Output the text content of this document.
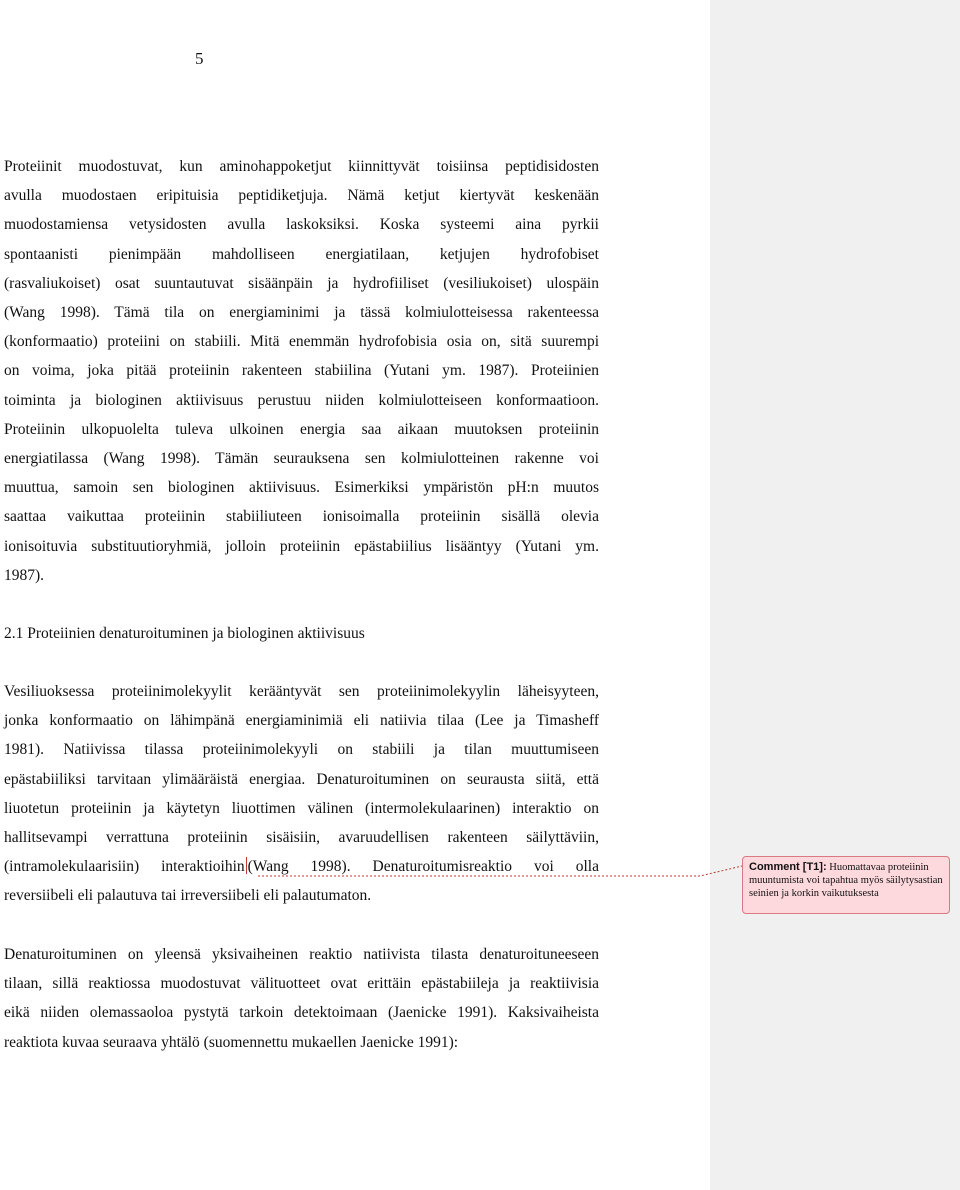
5
Proteiinit muodostuvat, kun aminohappoketjut kiinnittyvät toisiinsa peptidisidosten
avulla muodostaen eripituisia peptidiketjuja. Nämä ketjut kiertyvät keskenään
muodostamiensa vetysidosten avulla laskoksiksi. Koska systeemi aina pyrkii
spontaanisti pienimpään mahdolliseen energiatilaan, ketjujen hydrofobiset
(rasvaliukoiset) osat suuntautuvat sisäänpäin ja hydrofiiliset (vesiliukoiset) ulospäin
(Wang 1998). Tämä tila on energiaminimi ja tässä kolmiulotteisessa rakenteessa
(konformaatio) proteiini on stabiili. Mitä enemmän hydrofobisia osia on, sitä suurempi
on voima, joka pitää proteiinin rakenteen stabiilina (Yutani ym. 1987). Proteiinien
toiminta ja biologinen aktiivisuus perustuu niiden kolmiulotteiseen konformaatioon.
Proteiinin ulkopuolelta tuleva ulkoinen energia saa aikaan muutoksen proteiinin
energiatilassa (Wang 1998). Tämän seurauksena sen kolmiulotteinen rakenne voi
muuttua, samoin sen biologinen aktiivisuus. Esimerkiksi ympäristön pH:n muutos
saattaa vaikuttaa proteiinin stabiiliuteen ionisoimalla proteiinin sisällä olevia
ionisoituvia substituutioryhmiä, jolloin proteiinin epästabiilius lisääntyy (Yutani ym.
1987).
2.1 Proteiinien denaturoituminen ja biologinen aktiivisuus
Vesiliuoksessa proteiinimolekyylit kerääntyvät sen proteiinimolekyylin läheisyyteen,
jonka konformaatio on lähimpänä energiaminimiä eli natiivia tilaa (Lee ja Timasheff
1981). Natiivissa tilassa proteiinimolekyyli on stabiili ja tilan muuttumiseen
epästabiiliksi tarvitaan ylimääräistä energiaa. Denaturoituminen on seurausta siitä, että
liuotetun proteiinin ja käytetyn liuottimen välinen (intermolekulaarinen) interaktio on
hallitsevampi verrattuna proteiinin sisäisiin, avaruudellisen rakenteen säilyttäviin,
(intramolekulaarisiin) interaktioihin (Wang 1998). Denaturoitumisreaktio voi olla
reversiibeli eli palautuva tai irreversiibeli eli palautumaton.
Denaturoituminen on yleensä yksivaiheinen reaktio natiivista tilasta denaturoituneeseen
tilaan, sillä reaktiossa muodostuvat välituotteet ovat erittäin epästabiileja ja reaktiivisia
eikä niiden olemassaoloa pystytä tarkoin detektoimaan (Jaenicke 1991). Kaksivaiheista
reaktiota kuvaa seuraava yhtälö (suomennettu mukaellen Jaenicke 1991):
Comment [T1]: Huomattavaa proteiinin muuntumista voi tapahtua myös säilytysastian seinien ja korkin vaikutuksesta
